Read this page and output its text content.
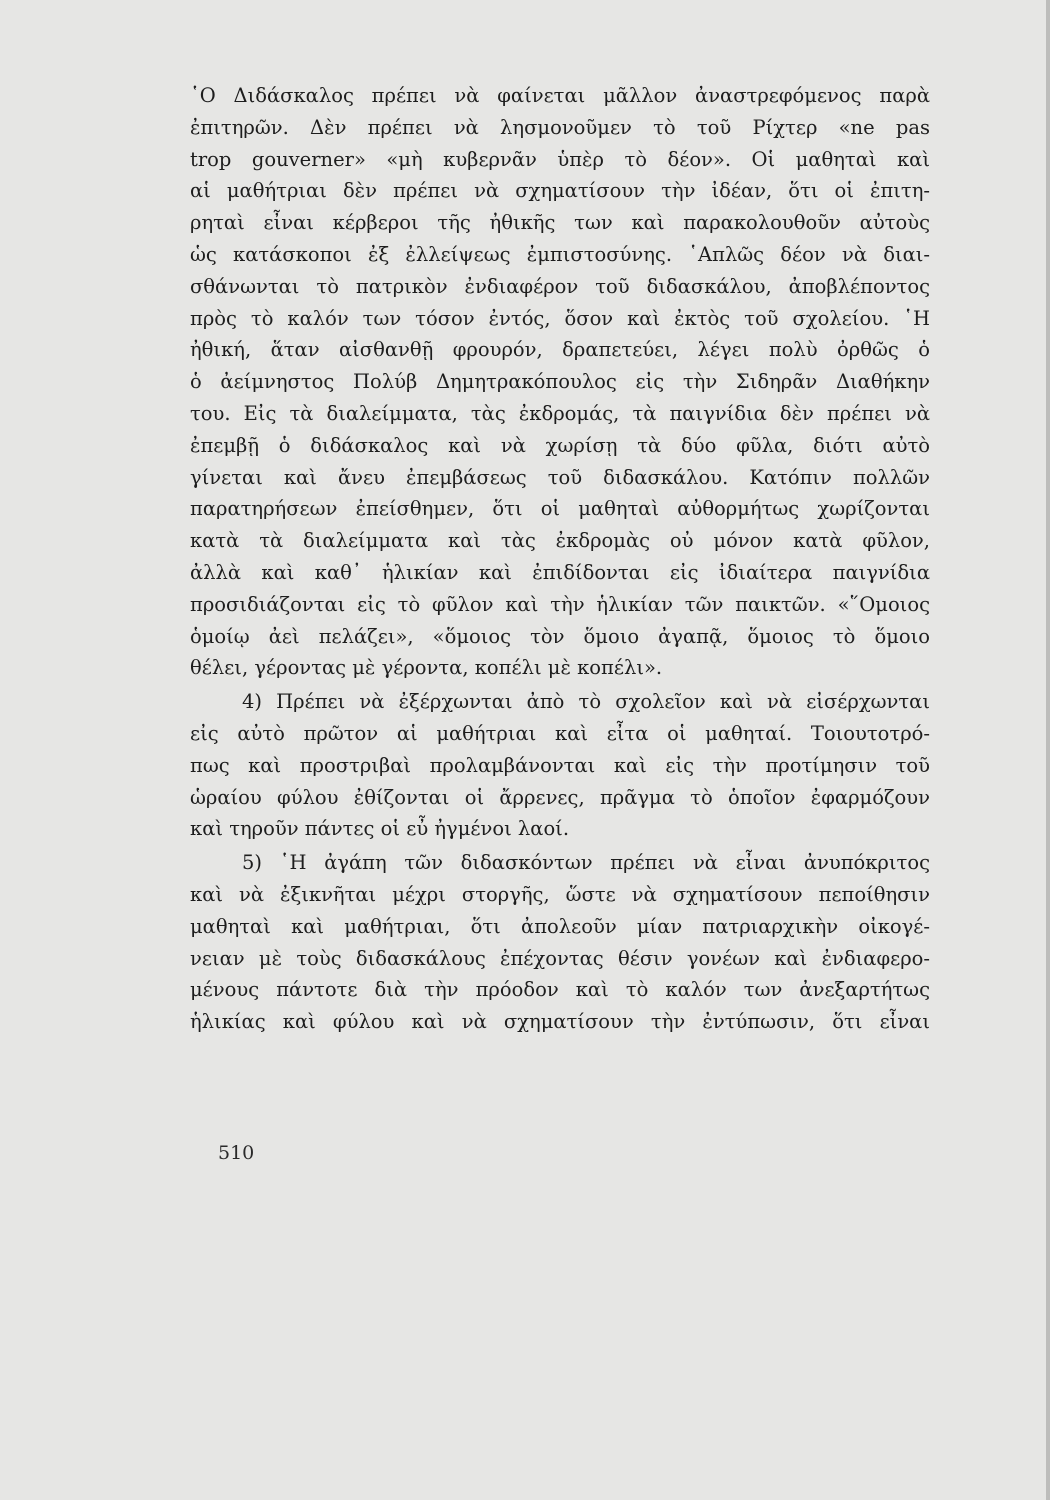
῾Ο Διδάσκαλος πρέπει νὰ φαίνεται μᾶλλον ἀναστρεφόμενος παρὰ

ἐπιτηρῶν. Δὲν πρέπει νὰ λησμονοῦμεν τὸ τοῦ Ρίχτερ «ne pas

trop gouverner» «μὴ κυβερνᾶν ὑπὲρ τὸ δέον». Οἱ μαθηταὶ καὶ

αἱ μαθήτριαι δὲν πρέπει νὰ σχηματίσουν τὴν ἰδέαν, ὅτι οἱ ἐπιτη-

ρηταὶ εἶναι κέρβεροι τῆς ἠθικῆς των καὶ παρακολουθοῦν αὐτοὺς

ὡς κατάσκοποι ἐξ ἐλλείψεως ἐμπιστοσύνης. ῾Απλῶς δέον νὰ διαι-

σθάνωνται τὸ πατρικὸν ἐνδιαφέρον τοῦ διδασκάλου, ἀποβλέποντος

πρὸς τὸ καλόν των τόσον ἐντός, ὅσον καὶ ἐκτὸς τοῦ σχολείου. ῾Η

ἠθική, ἅταν αἰσθανθῇ φρουρόν, δραπετεύει, λέγει πολὺ ὀρθῶς ὁ

ὁ ἀείμνηστος Πολύβ Δημητρακόπουλος εἰς τὴν Σιδηρᾶν Διαθήκην

του. Εἰς τὰ διαλείμματα, τὰς ἐκδρομάς, τὰ παιγνίδια δὲν πρέπει νὰ

ἐπεμβῇ ὁ διδάσκαλος καὶ νὰ χωρίσῃ τὰ δύο φῦλα, διότι αὐτὸ

γίνεται καὶ ἄνευ ἐπεμβάσεως τοῦ διδασκάλου. Κατόπιν πολλῶν

παρατηρήσεων ἐπείσθημεν, ὅτι οἱ μαθηταὶ αὐθορμήτως χωρίζονται

κατὰ τὰ διαλείμματα καὶ τὰς ἐκδρομὰς οὐ μόνον κατὰ φῦλον,

ἀλλὰ καὶ καθ᾽ ἡλικίαν καὶ ἐπιδίδονται εἰς ἰδιαίτερα παιγνίδια

προσιδιάζονται εἰς τὸ φῦλον καὶ τὴν ἡλικίαν τῶν παικτῶν. «῞Ομοιος

ὁμοίῳ ἀεὶ πελάζει», «ὅμοιος τὸν ὅμοιο ἀγαπᾷ, ὅμοιος τὸ ὅμοιο

θέλει, γέροντας μὲ γέροντα, κοπέλι μὲ κοπέλι».

4) Πρέπει νὰ ἐξέρχωνται ἀπὸ τὸ σχολεῖον καὶ νὰ εἰσέρχωνται

εἰς αὐτὸ πρῶτον αἱ μαθήτριαι καὶ εἶτα οἱ μαθηταί. Τοιουτοτρό-

πως καὶ προστριβαὶ προλαμβάνονται καὶ εἰς τὴν προτίμησιν τοῦ

ὡραίου φύλου ἐθίζονται οἱ ἄρρενες, πρᾶγμα τὸ ὁποῖον ἐφαρμόζουν

καὶ τηροῦν πάντες οἱ εὖ ἠγμένοι λαοί.

5) ῾Η ἀγάπη τῶν διδασκόντων πρέπει νὰ εἶναι ἀνυπόκριτος

καὶ νὰ ἐξικνῆται μέχρι στοργῆς, ὥστε νὰ σχηματίσουν πεποίθησιν

μαθηταὶ καὶ μαθήτριαι, ὅτι ἀπολεοῦν μίαν πατριαρχικὴν οἰκογέ-

νειαν μὲ τοὺς διδασκάλους ἐπέχοντας θέσιν γονέων καὶ ἐνδιαφερο-

μένους πάντοτε διὰ τὴν πρόοδον καὶ τὸ καλόν των ἀνεξαρτήτως

ἡλικίας καὶ φύλου καὶ νὰ σχηματίσουν τὴν ἐντύπωσιν, ὅτι εἶναι

510
